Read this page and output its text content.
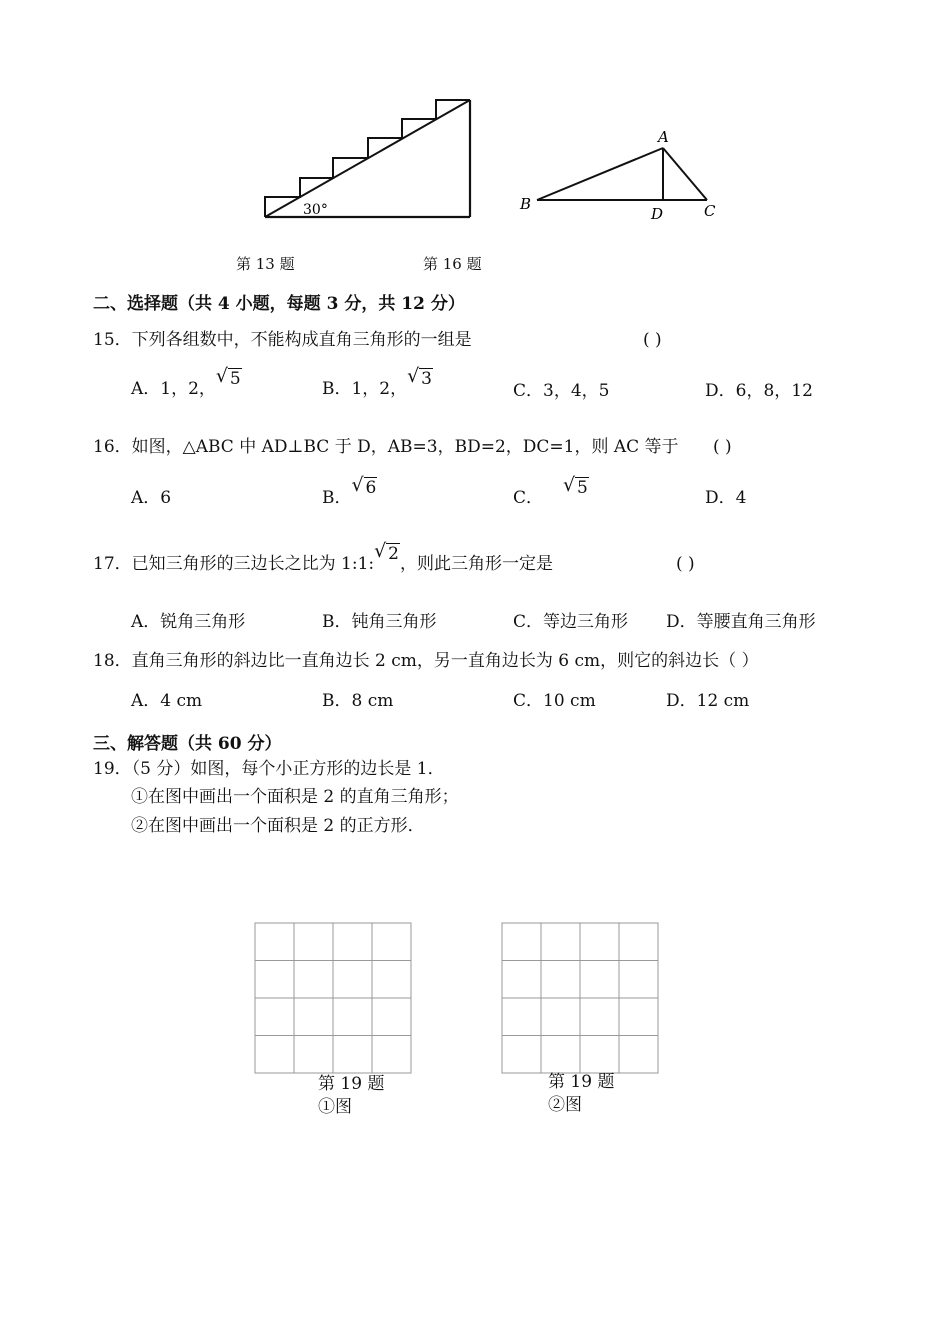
30°
A
B	C
D
第 13 题	第 16 题
二、选择题（共 4 小题，每题 3 分，共 12 分）
15．下列各组数中，不能构成直角三角形的一组是	( )
A．1，2，
√ 5	B．1，2，
√ 3
C．3，4，5	D．6，8，12
16．如图，△ABC 中 AD⊥BC 于 D，AB=3，BD=2，DC=1，则 AC 等于 ( )
A．6	B．
√ 6	C．
√ 5	D．4
17．已知三角形的三边长之比为 1:1:
√ 2，则此三角形一定是	( )
A．锐角三角形	B．钝角三角形	C．等边三角形 D．等腰直角三角形
18．直角三角形的斜边比一直角边长 2 cm，另一直角边长为 6 cm，则它的斜边长（ ）
A．4 cm	B．8 cm	C．10 cm	D．12 cm
三、解答题（共 60 分）
19．（5 分）如图，每个小正方形的边长是 1．
①在图中画出一个面积是 2 的直角三角形；
②在图中画出一个面积是 2 的正方形．
第 19 题
①图
第 19 题
②图
